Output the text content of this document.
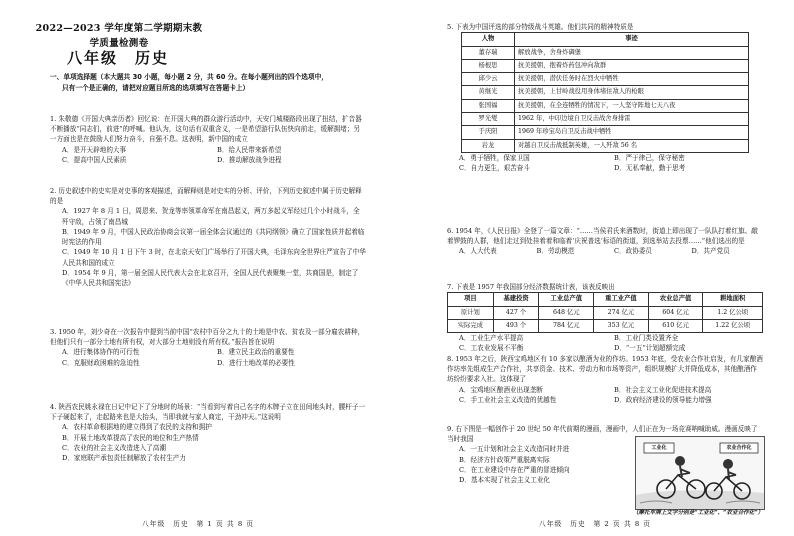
2022—2023 学年度第二学期期末教学质量检测卷
八年级　历史
一、单项选择题（本大题共 30 小题，每小题 2 分，共 60 分。在每小题列出的四个选项中，
只有一个是正确的，请把对应题目所选的选项填写在答题卡上）
1. 朱敬德《开国大典亲历者》回忆说：在开国大典的群众游行活动中，天安门城楼路段出现了扭结，扩音器不断播放“同志们，前进”的呼喊。他认为，这句话有双重含义，一是希望游行队伍快向前走，缓解拥堵；另一方面也是在鼓励人们努力奋斗，自强不息。这表明，新中国的成立
A．是开天辟地的大事	B．给人民带来新希望
C．提高中国人民素质	D．推动解放战争进程
2. 历史叙述中的史实是对史事的客观描述，而解释则是对史实的分析、评价，下列历史叙述中属于历史解释的是
A．1927 年 8 月 1 日，周恩来、贺龙等率领革命军在南昌起义，两万多起义军经过几个小时战斗，全歼守敌，占领了南昌城
B．1949 年 9 月，中国人民政治协商会议第一届全体会议通过的《共同纲领》确立了国家性质并起着临时宪法的作用
C．1949 年 10 月 1 日下午 3 时，在北京天安门广场举行了开国大典，毛泽东向全世界庄严宣告了中华人民共和国的成立
D．1954 年 9 月，第一届全国人民代表大会在北京召开，全国人民代表聚集一堂，共商国是，制定了《中华人民共和国宪法》
3. 1950 年，刘少奇在一次报告中提到当前中国“农村中百分之九十的土地是中农、贫农及一部分雇农耕种，但他们只有一部分土地有所有权，对大部分土地则没有所有权。”报告旨在说明
A．进行集体协作的可行性	B．建立民主政治的重要性
C．克服财政困难的急迫性	D．进行土地改革的必要性
4. 陕西农民姚永禄在日记中记下了分地时的场景：“当看到写着自己名字的木牌子立在田间地头时，腰杆子一下子硬起来了，走起路来也是大抬头，当即我就与家人商定，干劲冲天。”这说明
A．农村革命根据地的建立得到了农民的支持和拥护
B．开展土地改革提高了农民的地位和生产热情
C．农业的社会主义改造进入了高潮
D．家庭联产承包责任制解放了农村生产力
八年级　历史　第 1 页 共 8 页
5. 下表为中国评选的部分特级战斗英雄。他们共同的精神特质是
人物	事迹
董存瑞	解放战争，舍身炸碉堡
杨根思	抗美援朝，抱着炸药包冲向敌群
邱少云	抗美援朝，潜伏任务时在烈火中牺牲
黄继光	抗美援朝，上甘岭战役用身体堵住敌人的枪眼
张国福	抗美援朝，在全连牺牲的情况下，一人坚守阵地七天八夜
罗光燮	1962 年，中印边境自卫反击战舍身排雷
于庆阳	1969 年珍宝岛自卫反击战中牺牲
岩龙	对越自卫反击战抵制英雄，一人歼敌 56 名
A．勇于牺牲，保家卫国	B．严于律己，保守秘密
C．自力更生，艰苦奋斗	D．无私奉献，勤于思考
6. 1954 年，《人民日报》全登了一篇文章：“……当侯君氏来酒数时，街道上即出现了一队队打着红旗、敲着锣鼓的人群，他们走过到处挂着着和临着‘庆祝普选’标语的街道，到选举站去投票……”他们选出的是
A．人大代表	B．劳动模范	C．政协委员	D．共产党员
7. 下表是 1957 年我国部分经济数据统计表，该表反映出
项目	基建投资	工业总产值	重工业产值	农业总产值	耕地面积
原计划	427 个	648 亿元	274 亿元	604 亿元	1.2 亿公顷
实际完成	493 个	784 亿元	353 亿元	610 亿元	1.22 亿公顷
A．工业生产水平提高	B．工业门类设置齐全
C．工农业发展不平衡	D．“一五”计划超额完成
8. 1953 年之后，陕西宝鸡地区有 10 多家以酿酒为业的作坊。1953 年底，受农业合作社启发，有几家酿酒作坊率先组成生产合作社，共享资金、技术、劳动力和市场等资产，组织规模扩大并降低成本，其他酿酒作坊纷纷要求入社。这体现了
A．宝鸡地区酿酒业出现垄断	B．社会主义工业化促进技术提高
C．手工业社会主义改造的优越性	D．政府经济建设的领导能力增强
9. 右下图是一幅创作于 20 世纪 50 年代前期的漫画，漫画中，人们正在为一场竞赛呐喊助威。漫画反映了当时我国
A．一五计划和社会主义改造同时并进
B．经济方针政策严重脱离实际
C．在工业建设中存在严重的冒进倾向
D．基本实现了社会主义工业化
工业化	农业合作化
（摩托车牌上文字分别是“工业化”、“农业合作化”）
八年级　历史　第 2 页 共 8 页
